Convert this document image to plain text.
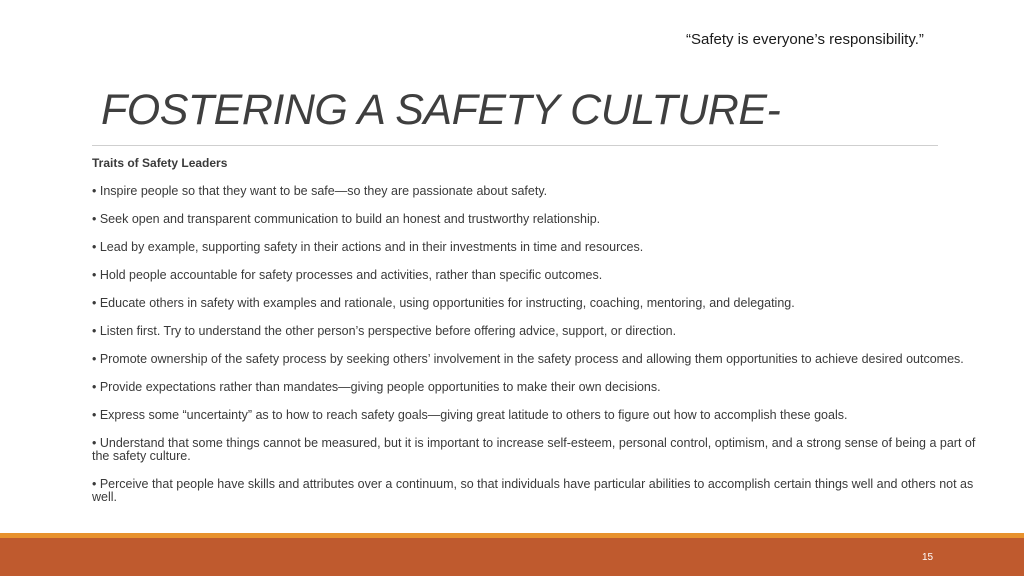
“Safety is everyone’s responsibility.”
FOSTERING A SAFETY CULTURE-
Traits of Safety Leaders
• Inspire people so that they want to be safe—so they are passionate about safety.
• Seek open and transparent communication to build an honest and trustworthy relationship.
• Lead by example, supporting safety in their actions and in their investments in time and resources.
• Hold people accountable for safety processes and activities, rather than specific outcomes.
• Educate others in safety with examples and rationale, using opportunities for instructing, coaching, mentoring, and delegating.
• Listen first. Try to understand the other person’s perspective before offering advice, support, or direction.
• Promote ownership of the safety process by seeking others’ involvement in the safety process and allowing them opportunities to achieve desired outcomes.
• Provide expectations rather than mandates—giving people opportunities to make their own decisions.
• Express some “uncertainty” as to how to reach safety goals—giving great latitude to others to figure out how to accomplish these goals.
• Understand that some things cannot be measured, but it is important to increase self-esteem, personal control, optimism, and a strong sense of being a part of the safety culture.
• Perceive that people have skills and attributes over a continuum, so that individuals have particular abilities to accomplish certain things well and others not as well.
15
